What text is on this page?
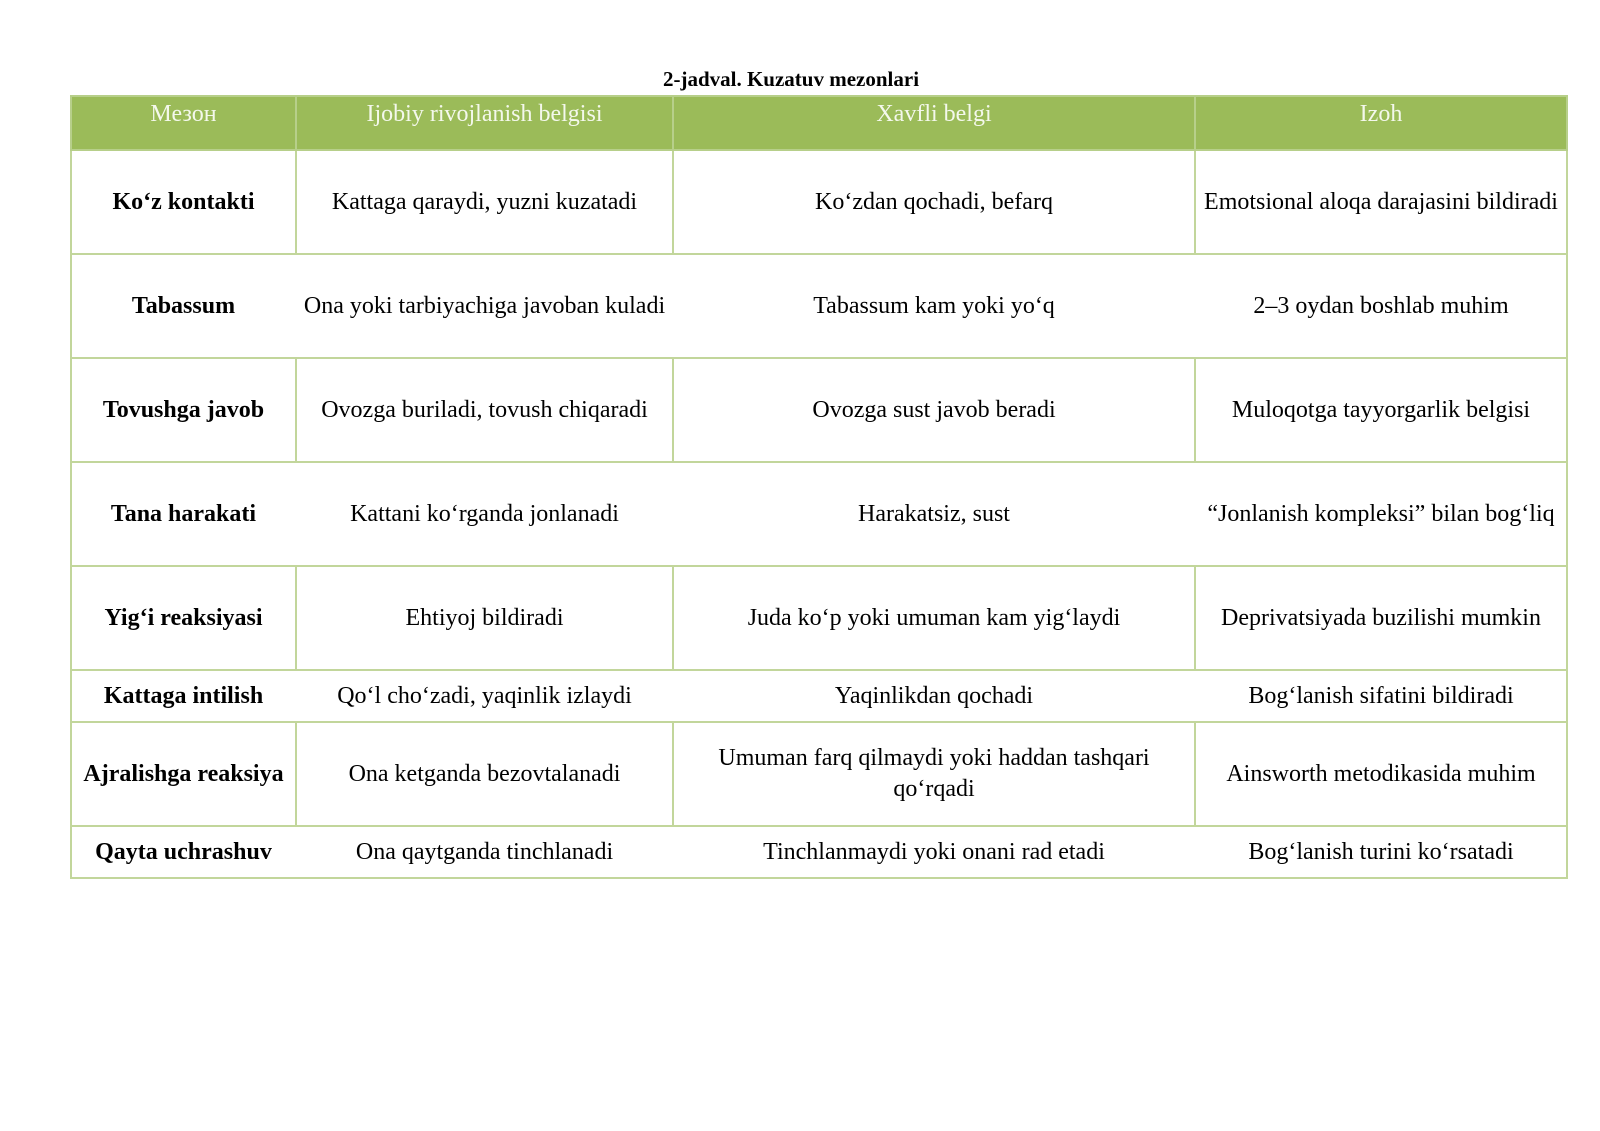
2-jadval. Kuzatuv mezonlari
Мезон	Ijobiy rivojlanish belgisi	Xavfli belgi	Izoh
Ko‘z kontakti	Kattaga qaraydi, yuzni kuzatadi	Ko‘zdan qochadi, befarq	Emotsional aloqa darajasini bildiradi
Tabassum	Ona yoki tarbiyachiga javoban kuladi	Tabassum kam yoki yo‘q	2–3 oydan boshlab muhim
Tovushga javob	Ovozga buriladi, tovush chiqaradi	Ovozga sust javob beradi	Muloqotga tayyorgarlik belgisi
Tana harakati	Kattani ko‘rganda jonlanadi	Harakatsiz, sust	“Jonlanish kompleksi” bilan bog‘liq
Yig‘i reaksiyasi	Ehtiyoj bildiradi	Juda ko‘p yoki umuman kam yig‘laydi	Deprivatsiyada buzilishi mumkin
Kattaga intilish	Qo‘l cho‘zadi, yaqinlik izlaydi	Yaqinlikdan qochadi	Bog‘lanish sifatini bildiradi
Ajralishga reaksiya	Ona ketganda bezovtalanadi	Umuman farq qilmaydi yoki haddan tashqari qo‘rqadi	Ainsworth metodikasida muhim
Qayta uchrashuv	Ona qaytganda tinchlanadi	Tinchlanmaydi yoki onani rad etadi	Bog‘lanish turini ko‘rsatadi
